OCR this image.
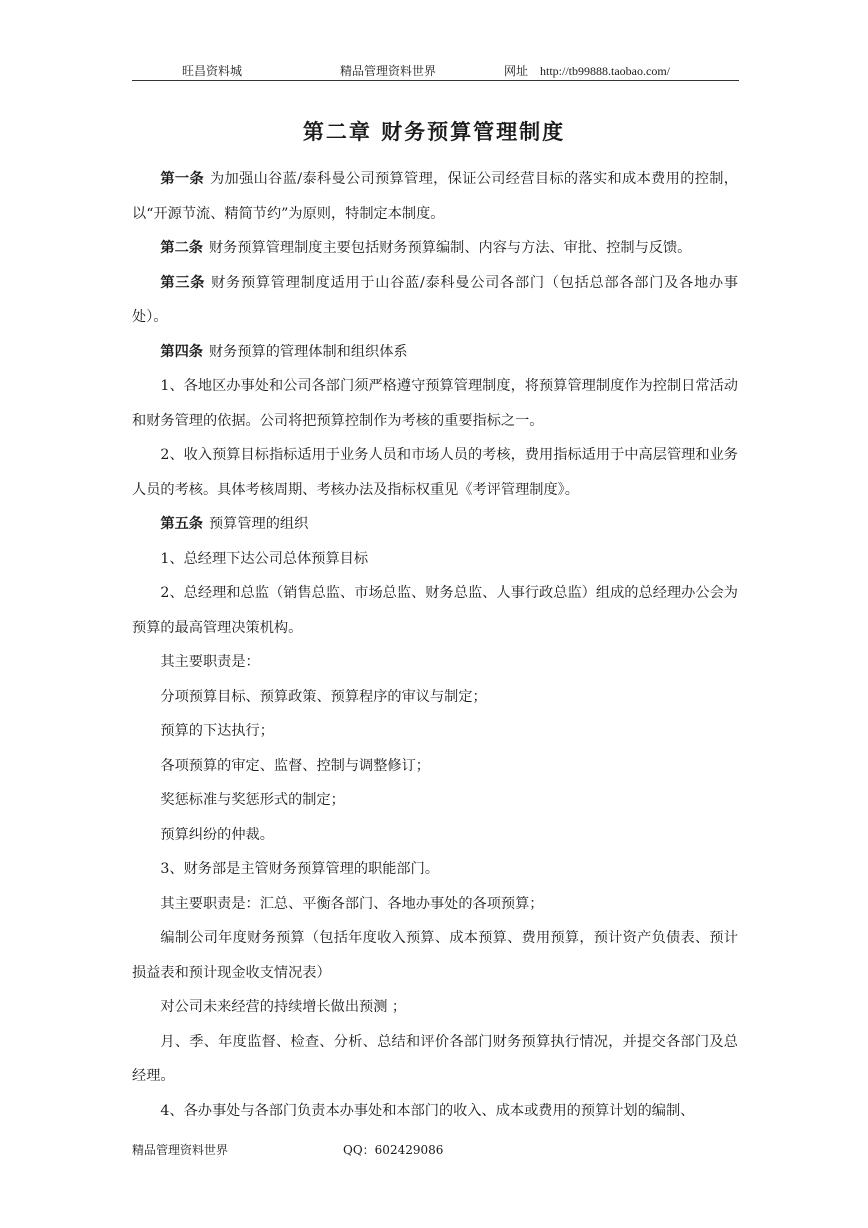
旺昌资料城	精品管理资料世界	网址 http://tb99888.taobao.com/
第二章 财务预算管理制度

第一条 为加强山谷蓝/泰科曼公司预算管理，保证公司经营目标的落实和成本费用的控制，以“开源节流、精简节约”为原则，特制定本制度。

第二条 财务预算管理制度主要包括财务预算编制、内容与方法、审批、控制与反馈。

第三条 财务预算管理制度适用于山谷蓝/泰科曼公司各部门（包括总部各部门及各地办事处）。

第四条 财务预算的管理体制和组织体系

1、各地区办事处和公司各部门须严格遵守预算管理制度，将预算管理制度作为控制日常活动和财务管理的依据。公司将把预算控制作为考核的重要指标之一。

2、收入预算目标指标适用于业务人员和市场人员的考核，费用指标适用于中高层管理和业务人员的考核。具体考核周期、考核办法及指标权重见《考评管理制度》。

第五条 预算管理的组织

1、总经理下达公司总体预算目标

2、总经理和总监（销售总监、市场总监、财务总监、人事行政总监）组成的总经理办公会为预算的最高管理决策机构。

其主要职责是：

分项预算目标、预算政策、预算程序的审议与制定；

预算的下达执行；

各项预算的审定、监督、控制与调整修订；

奖惩标准与奖惩形式的制定；

预算纠纷的仲裁。

3、财务部是主管财务预算管理的职能部门。

其主要职责是：汇总、平衡各部门、各地办事处的各项预算；

编制公司年度财务预算（包括年度收入预算、成本预算、费用预算，预计资产负债表、预计损益表和预计现金收支情况表）

对公司未来经营的持续增长做出预测 ；

月、季、年度监督、检查、分析、总结和评价各部门财务预算执行情况，并提交各部门及总经理。

4、各办事处与各部门负责本办事处和本部门的收入、成本或费用的预算计划的编制、

精品管理资料世界	QQ：602429086
